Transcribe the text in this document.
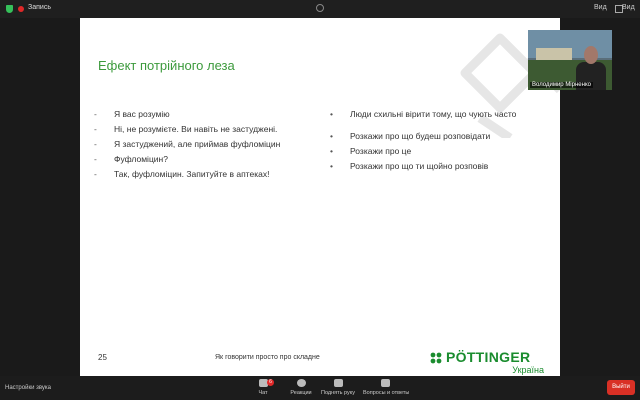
Запись	Вид Вид
Ефект потрійного леза
-	Я вас розумію
-	Ні, не розумієте. Ви навіть не застуджені.
-	Я застуджений, але приймав фуфломіцин
-	Фуфломіцин?
-	Так, фуфломіцин. Запитуйте в аптеках!
•	Люди схильні вірити тому, що чують часто
•	Розкажи про що будеш розповідати
•	Розкажи про це
•	Розкажи про що ти щойно розповів
25	Як говорити просто про складне	PÖTTINGER
Україна
Володимир Мірненко
Настройки звука
6
Чат	Реакции	Поднять руку	Вопросы и ответы
Выйти
